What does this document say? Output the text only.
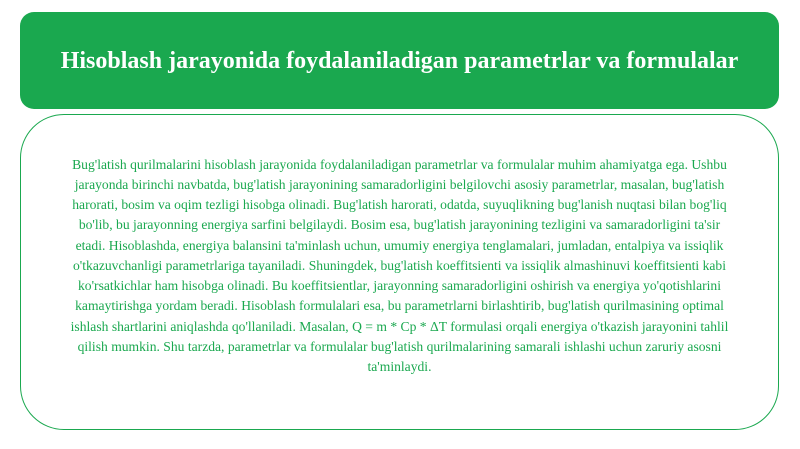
Hisoblash jarayonida foydalaniladigan parametrlar va formulalar

Bug'latish qurilmalarini hisoblash jarayonida foydalaniladigan parametrlar va formulalar muhim ahamiyatga ega. Ushbu jarayonda birinchi navbatda, bug'latish jarayonining samaradorligini belgilovchi asosiy parametrlar, masalan, bug'latish harorati, bosim va oqim tezligi hisobga olinadi. Bug'latish harorati, odatda, suyuqlikning bug'lanish nuqtasi bilan bog'liq bo'lib, bu jarayonning energiya sarfini belgilaydi. Bosim esa, bug'latish jarayonining tezligini va samaradorligini ta'sir etadi. Hisoblashda, energiya balansini ta'minlash uchun, umumiy energiya tenglamalari, jumladan, entalpiya va issiqlik o'tkazuvchanligi parametrlariga tayaniladi. Shuningdek, bug'latish koeffitsienti va issiqlik almashinuvi koeffitsienti kabi ko'rsatkichlar ham hisobga olinadi. Bu koeffitsientlar, jarayonning samaradorligini oshirish va energiya yo'qotishlarini kamaytirishga yordam beradi. Hisoblash formulalari esa, bu parametrlarni birlashtirib, bug'latish qurilmasining optimal ishlash shartlarini aniqlashda qo'llaniladi. Masalan, Q = m * Cp * ΔT formulasi orqali energiya o'tkazish jarayonini tahlil qilish mumkin. Shu tarzda, parametrlar va formulalar bug'latish qurilmalarining samarali ishlashi uchun zaruriy asosni ta'minlaydi.
